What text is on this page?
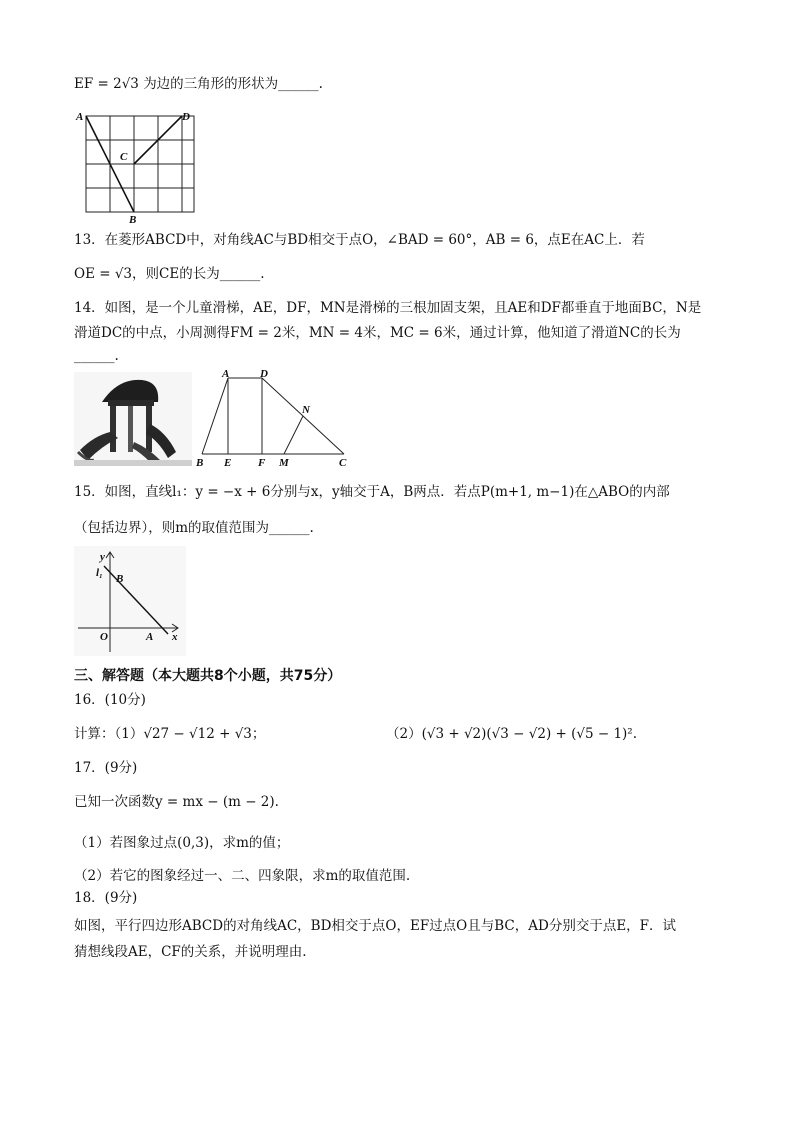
EF = 2√3 为边的三角形的形状为______.
A	D
C
B
13．在菱形ABCD中，对角线AC与BD相交于点O，∠BAD = 60°，AB = 6，点E在AC上．若
OE = √3，则CE的长为______.
14．如图，是一个儿童滑梯，AE，DF，MN是滑梯的三根加固支架，且AE和DF都垂直于地面BC，N是
滑道DC的中点，小周测得FM = 2米，MN = 4米，MC = 6米，通过计算，他知道了滑道NC的长为
______.
A	D
N
B E F M	C
15．如图，直线l₁：y = −x + 6分别与x，y轴交于A，B两点．若点P(m+1, m−1)在△ABO的内部
（包括边界），则m的取值范围为______.
y
l₁ B
O	A x
三、解答题（本大题共8个小题，共75分）
16．(10分)
计算：（1）√27 − √12 + √3；	（2）(√3 + √2)(√3 − √2) + (√5 − 1)².
17．(9分)
已知一次函数y = mx − (m − 2).
（1）若图象过点(0,3)，求m的值；
（2）若它的图象经过一、二、四象限，求m的取值范围.
18．(9分)
如图，平行四边形ABCD的对角线AC，BD相交于点O，EF过点O且与BC，AD分别交于点E，F．试
猜想线段AE，CF的关系，并说明理由.
